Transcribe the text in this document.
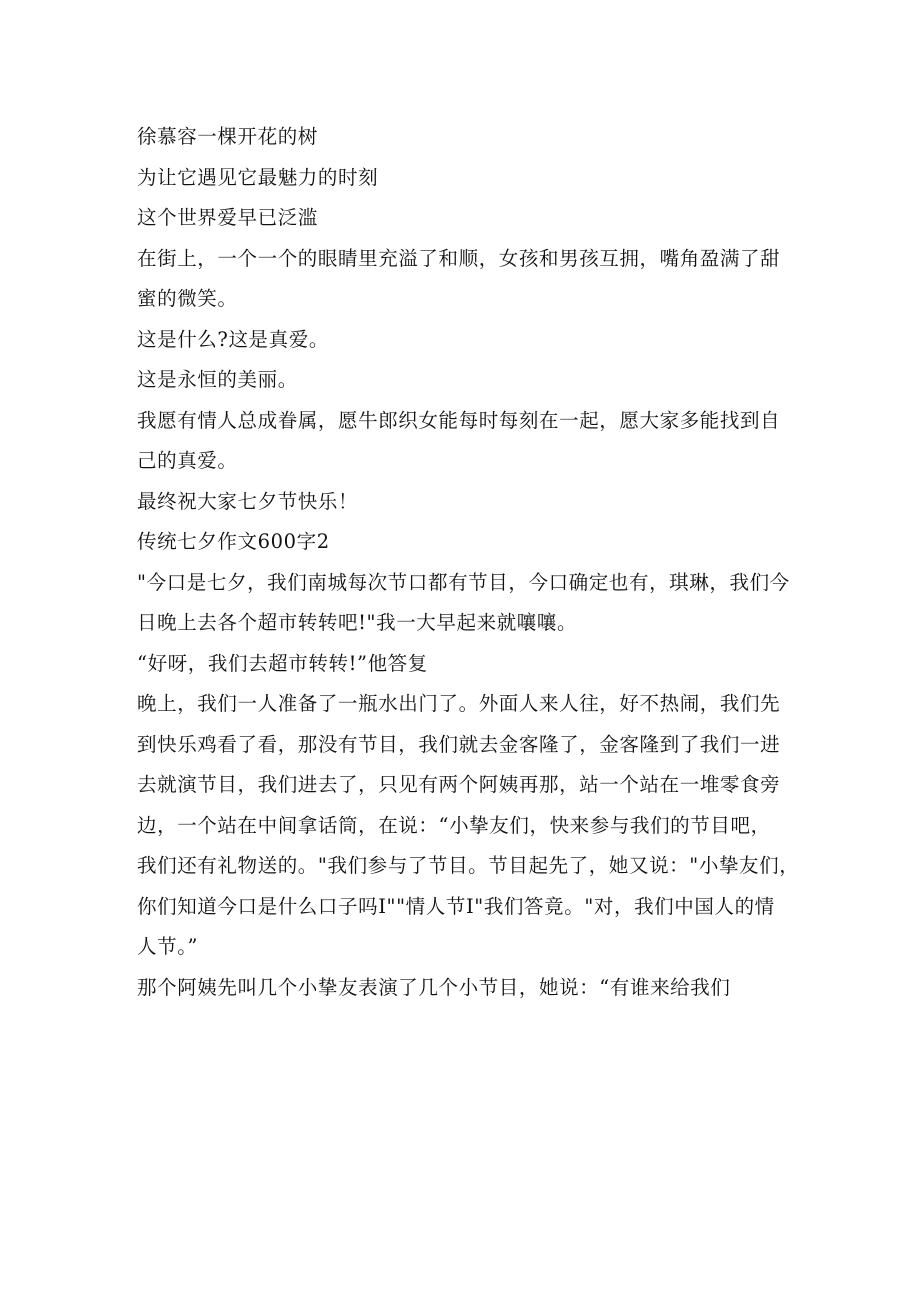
徐慕容一棵开花的树

为让它遇见它最魅力的时刻

这个世界爱早已泛滥

在街上，一个一个的眼睛里充溢了和顺，女孩和男孩互拥，嘴角盈满了甜

蜜的微笑。

这是什么?这是真爱。

这是永恒的美丽。

我愿有情人总成眷属，愿牛郎织女能每时每刻在一起，愿大家多能找到自

己的真爱。

最终祝大家七夕节快乐！

传统七夕作文600字2

"今口是七夕，我们南城每次节口都有节目，今口确定也有，琪琳，我们今

日晚上去各个超市转转吧!"我一大早起来就嚷嚷。

“好呀，我们去超市转转!”他答复

晚上，我们一人准备了一瓶水出门了。外面人来人往，好不热闹，我们先

到快乐鸡看了看，那没有节目，我们就去金客隆了，金客隆到了我们一进

去就演节目，我们进去了，只见有两个阿姨再那，站一个站在一堆零食旁

边，一个站在中间拿话筒，在说：“小挚友们，快来参与我们的节目吧，

我们还有礼物送的。"我们参与了节目。节目起先了，她又说："小挚友们，

你们知道今口是什么口子吗I""情人节I"我们答竟。"对，我们中国人的情

人节。”

那个阿姨先叫几个小挚友表演了几个小节目，她说：“有谁来给我们
